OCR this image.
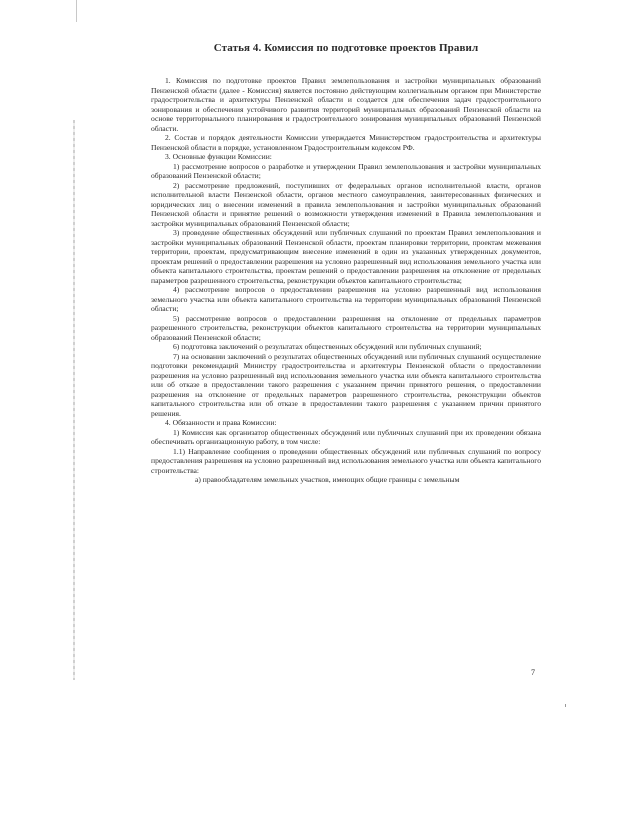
Статья 4. Комиссия по подготовке проектов Правил

1. Комиссия по подготовке проектов Правил землепользования и застройки муниципальных образований Пензенской области (далее - Комиссия) является постоянно действующим коллегиальным органом при Министерстве градостроительства и архитектуры Пензенской области и создается для обеспечения задач градостроительного зонирования и обеспечения устойчивого развития территорий муниципальных образований Пензенской области на основе территориального планирования и градостроительного зонирования муниципальных образований Пензенской области.

2. Состав и порядок деятельности Комиссии утверждается Министерством градостроительства и архитектуры Пензенской области в порядке, установленном Градостроительным кодексом РФ.

3. Основные функции Комиссии:

1) рассмотрение вопросов о разработке и утверждении Правил землепользования и застройки муниципальных образований Пензенской области;

2) рассмотрение предложений, поступивших от федеральных органов исполнительной власти, органов исполнительной власти Пензенской области, органов местного самоуправления, заинтересованных физических и юридических лиц о внесении изменений в правила землепользования и застройки муниципальных образований Пензенской области и принятие решений о возможности утверждения изменений в Правила землепользования и застройки муниципальных образований Пензенской области;

3) проведение общественных обсуждений или публичных слушаний по проектам Правил землепользования и застройки муниципальных образований Пензенской области, проектам планировки территории, проектам межевания территории, проектам, предусматривающим внесение изменений в один из указанных утвержденных документов, проектам решений о предоставлении разрешения на условно разрешенный вид использования земельного участка или объекта капитального строительства, проектам решений о предоставлении разрешения на отклонение от предельных параметров разрешенного строительства, реконструкции объектов капитального строительства;

4) рассмотрение вопросов о предоставлении разрешения на условно разрешенный вид использования земельного участка или объекта капитального строительства на территории муниципальных образований Пензенской области;

5) рассмотрение вопросов о предоставлении разрешения на отклонение от предельных параметров разрешенного строительства, реконструкции объектов капитального строительства на территории муниципальных образований Пензенской области;

6) подготовка заключений о результатах общественных обсуждений или публичных слушаний;

7) на основании заключений о результатах общественных обсуждений или публичных слушаний осуществление подготовки рекомендаций Министру градостроительства и архитектуры Пензенской области о предоставлении разрешения на условно разрешенный вид использования земельного участка или объекта капитального строительства или об отказе в предоставлении такого разрешения с указанием причин принятого решения, о предоставлении разрешения на отклонение от предельных параметров разрешенного строительства, реконструкции объектов капитального строительства или об отказе в предоставлении такого разрешения с указанием причин принятого решения.

4. Обязанности и права Комиссии:

1) Комиссия как организатор общественных обсуждений или публичных слушаний при их проведении обязана обеспечивать организационную работу, в том числе:

1.1) Направление сообщения о проведении общественных обсуждений или публичных слушаний по вопросу предоставления разрешения на условно разрешенный вид использования земельного участка или объекта капитального строительства:

а) правообладателям земельных участков, имеющих общие границы с земельным

7
